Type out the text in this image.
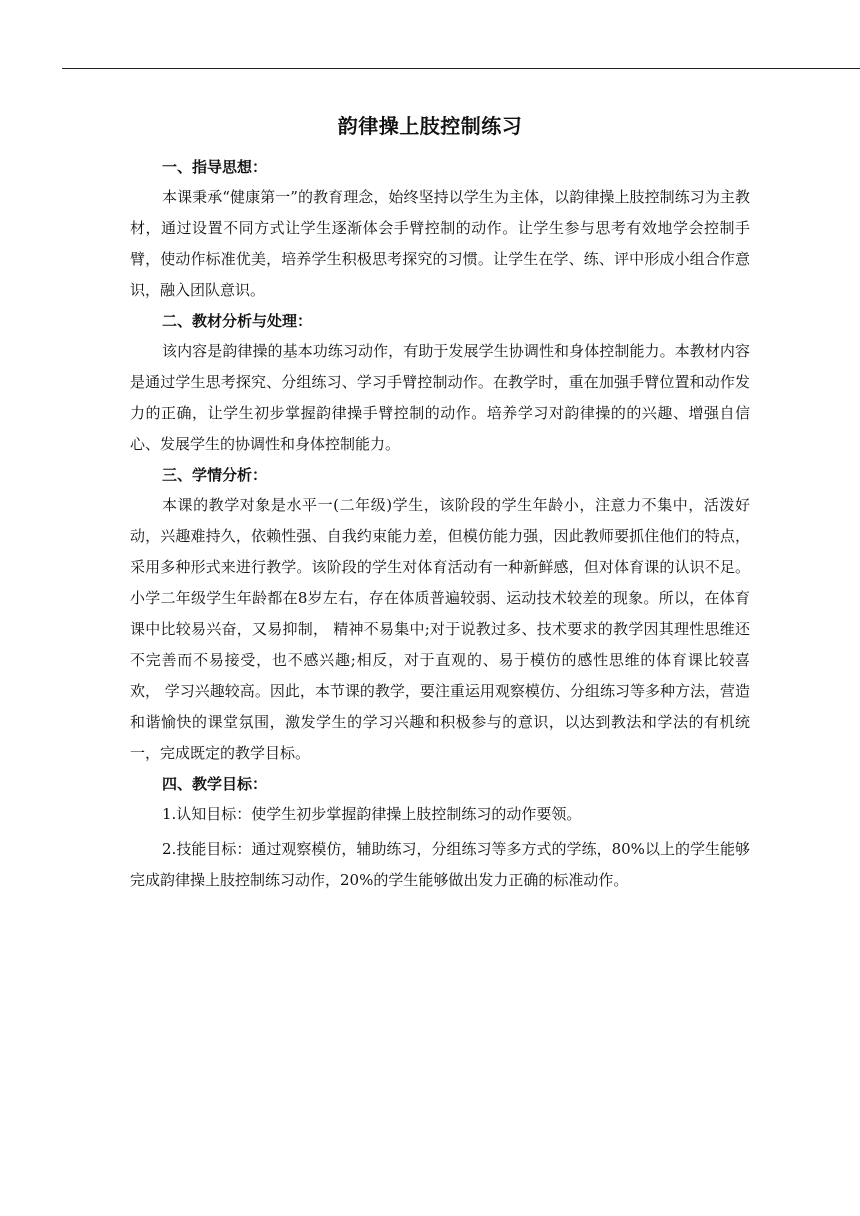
韵律操上肢控制练习
一、指导思想：

本课秉承“健康第一”的教育理念，始终坚持以学生为主体，以韵律操上肢控制练习为主教材，通过设置不同方式让学生逐渐体会手臂控制的动作。让学生参与思考有效地学会控制手臂，使动作标准优美，培养学生积极思考探究的习惯。让学生在学、练、评中形成小组合作意识，融入团队意识。

二、教材分析与处理：

该内容是韵律操的基本功练习动作，有助于发展学生协调性和身体控制能力。本教材内容是通过学生思考探究、分组练习、学习手臂控制动作。在教学时，重在加强手臂位置和动作发力的正确，让学生初步掌握韵律操手臂控制的动作。培养学习对韵律操的的兴趣、增强自信心、发展学生的协调性和身体控制能力。

三、学情分析：

本课的教学对象是水平一(二年级)学生，该阶段的学生年龄小，注意力不集中，活泼好动，兴趣难持久，依赖性强、自我约束能力差，但模仿能力强，因此教师要抓住他们的特点，采用多种形式来进行教学。该阶段的学生对体育活动有一种新鲜感，但对体育课的认识不足。小学二年级学生年龄都在8岁左右，存在体质普遍较弱、运动技术较差的现象。所以，在体育课中比较易兴奋，又易抑制， 精神不易集中;对于说教过多、技术要求的教学因其理性思维还不完善而不易接受，也不感兴趣;相反，对于直观的、易于模仿的感性思维的体育课比较喜欢， 学习兴趣较高。因此，本节课的教学，要注重运用观察模仿、分组练习等多种方法，营造和谐愉快的课堂氛围，激发学生的学习兴趣和积极参与的意识，以达到教法和学法的有机统一，完成既定的教学目标。

四、教学目标：

1.认知目标：使学生初步掌握韵律操上肢控制练习的动作要领。

2.技能目标：通过观察模仿，辅助练习，分组练习等多方式的学练，80%以上的学生能够完成韵律操上肢控制练习动作，20%的学生能够做出发力正确的标准动作。
